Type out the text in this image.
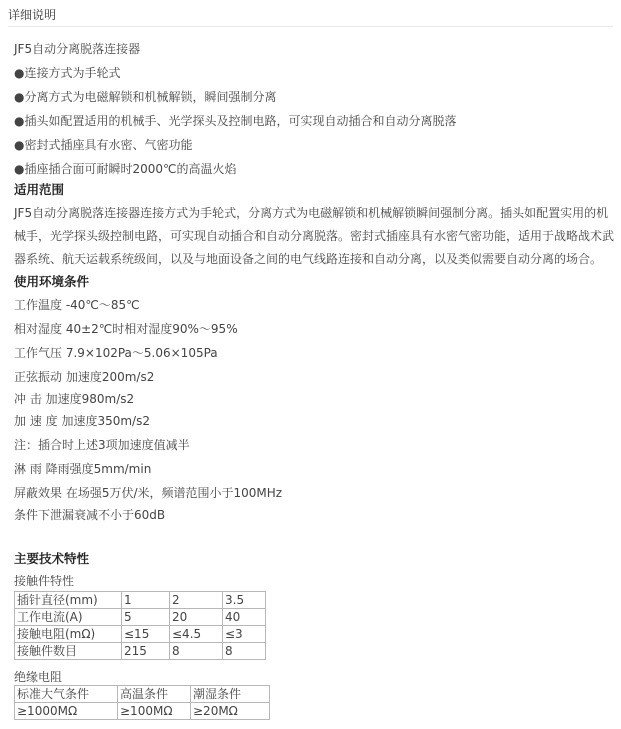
详细说明
JF5自动分离脱落连接器
●连接方式为手轮式
●分离方式为电磁解锁和机械解锁，瞬间强制分离
●插头如配置适用的机械手、光学探头及控制电路，可实现自动插合和自动分离脱落
●密封式插座具有水密、气密功能
●插座插合面可耐瞬时2000℃的高温火焰
适用范围
JF5自动分离脱落连接器连接方式为手轮式，分离方式为电磁解锁和机械解锁瞬间强制分离。插头如配置实用的机
械手，光学探头级控制电路，可实现自动插合和自动分离脱落。密封式插座具有水密气密功能，适用于战略战术武
器系统、航天运载系统级间，以及与地面设备之间的电气线路连接和自动分离，以及类似需要自动分离的场合。
使用环境条件
工作温度 -40℃～85℃
相对湿度 40±2℃时相对湿度90%～95%
工作气压 7.9×102Pa～5.06×105Pa
正弦振动 加速度200m/s2
冲 击 加速度980m/s2
加 速 度 加速度350m/s2
注：插合时上述3项加速度值减半
淋 雨 降雨强度5mm/min
屏蔽效果 在场强5万伏/米，频谱范围小于100MHz
条件下泄漏衰减不小于60dB
主要技术特性
接触件特性
插针直径(mm)	1	2	3.5
工作电流(A)	5	20	40
接触电阻(mΩ)	≤15	≤4.5	≤3
接触件数目	215	8	8
绝缘电阻
标准大气条件	高温条件	潮湿条件
≥1000MΩ	≥100MΩ	≥20MΩ
